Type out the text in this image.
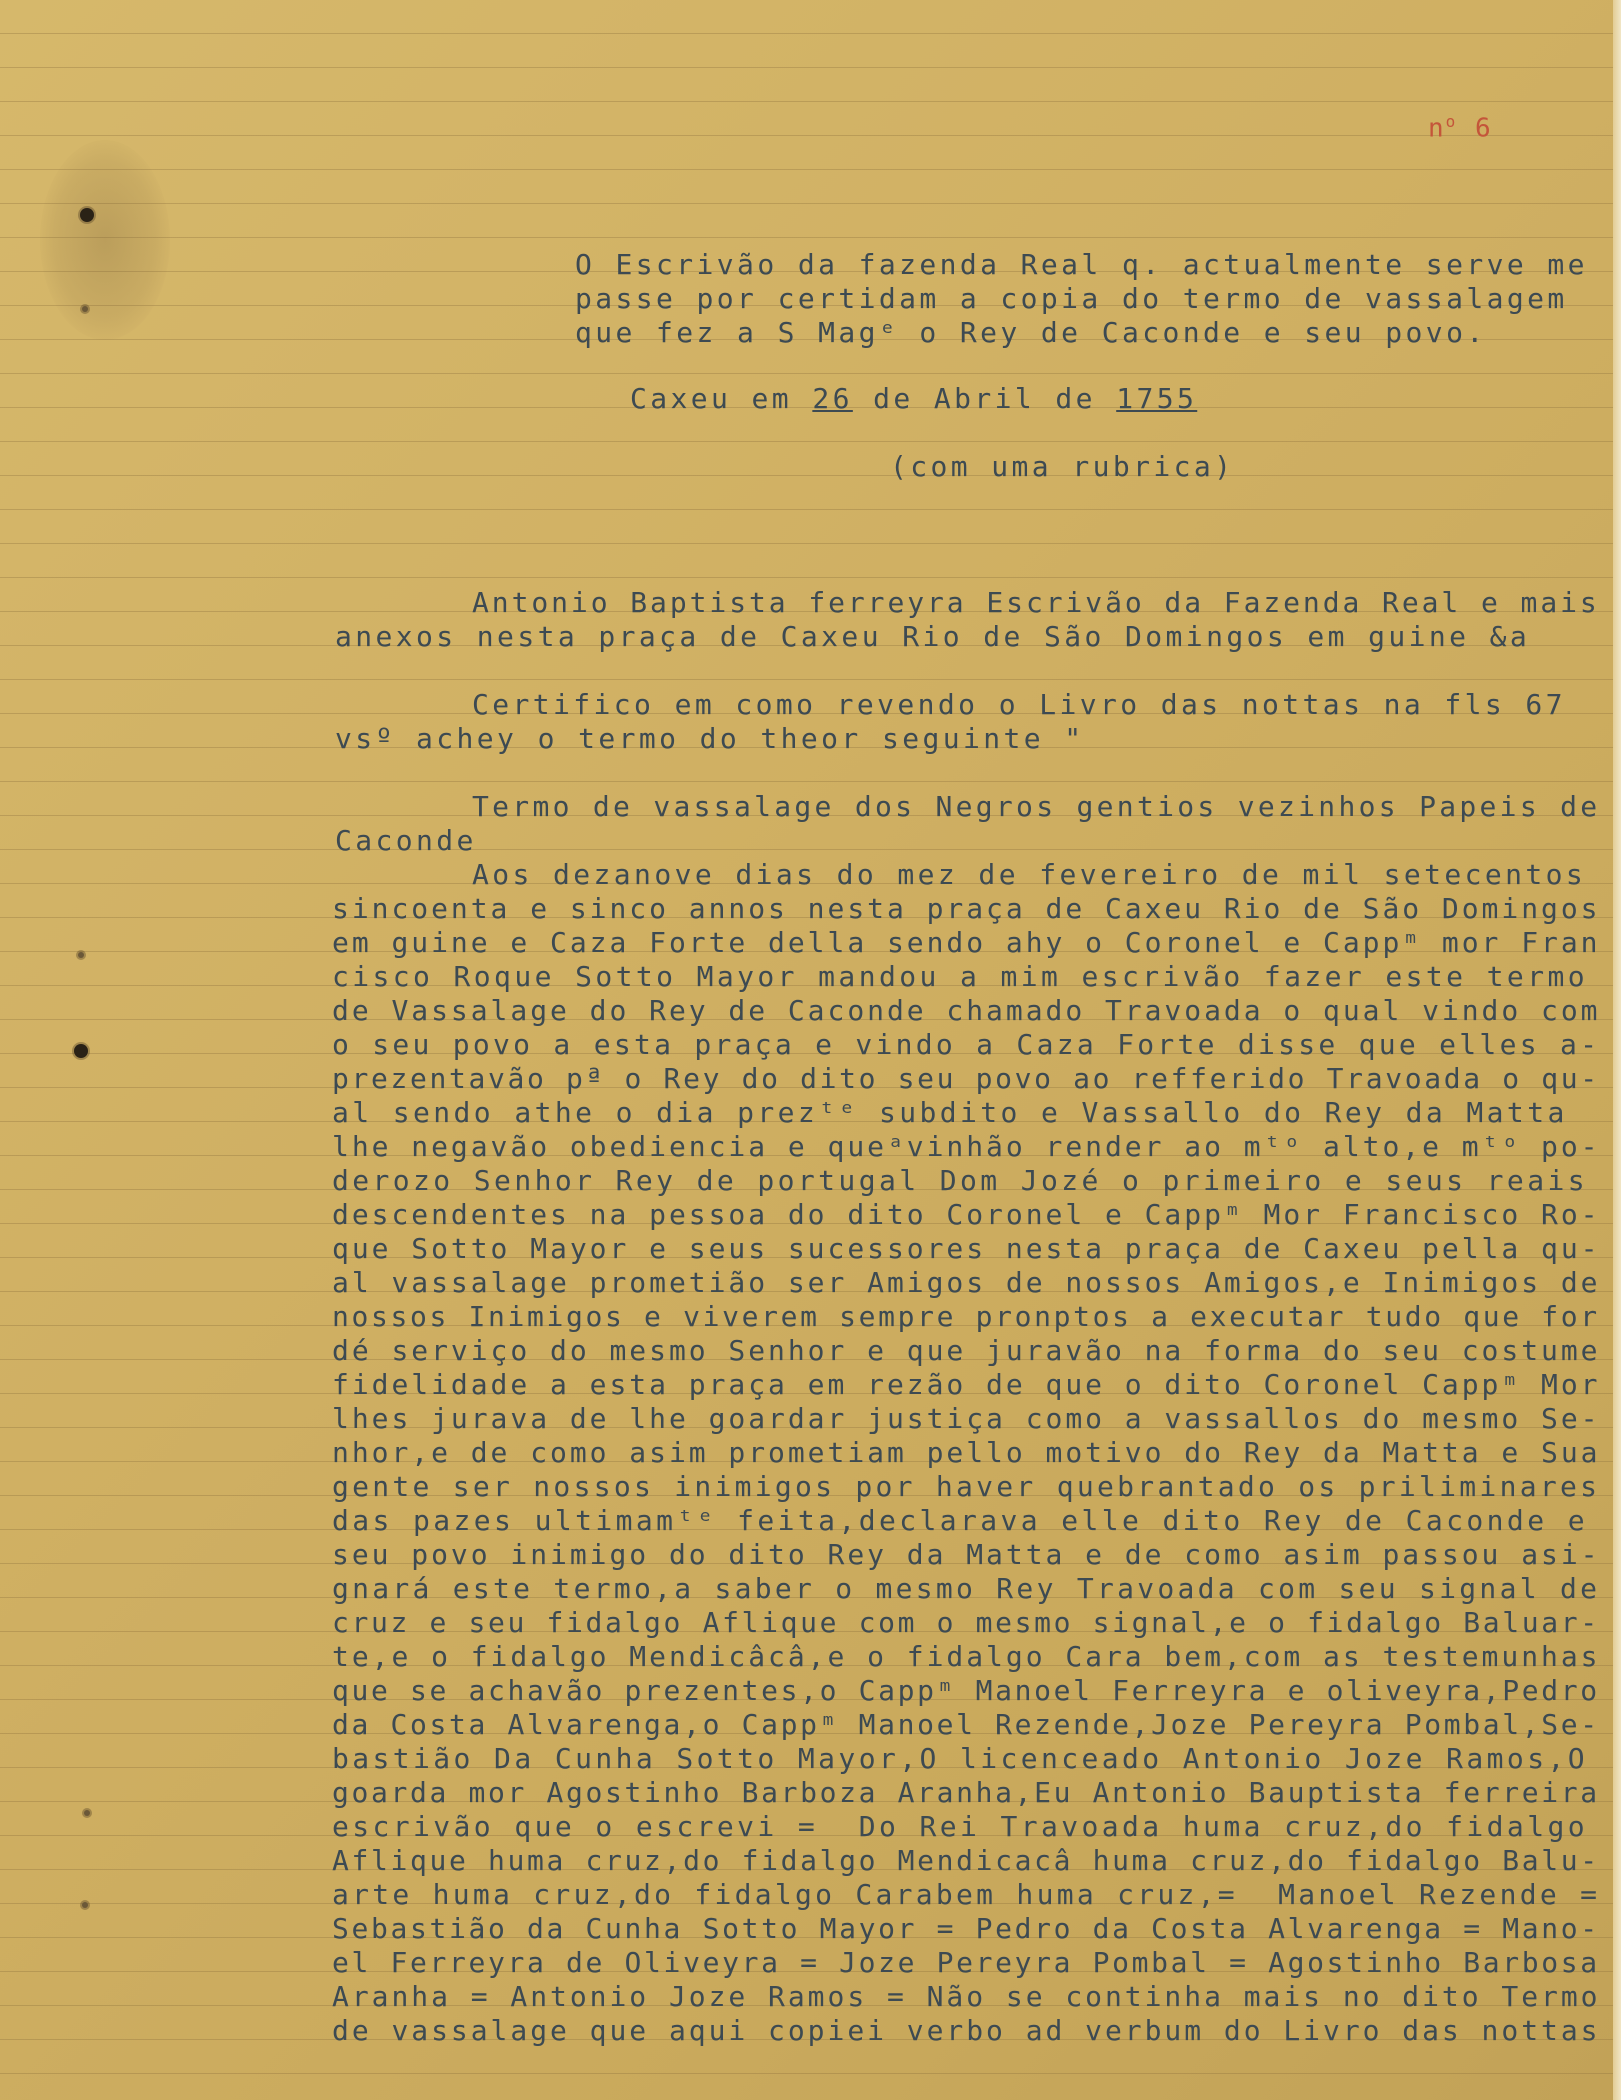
$n^o$ 6
O Escrivão da fazenda Real q. actualmente serve me
passe por certidam a copia do termo de vassalagem
que fez a S Magᵉ o Rey de Caconde e seu povo.
Caxeu em 26 de Abril de 1755
(com uma rubrica)
Antonio Baptista ferreyra Escrivão da Fazenda Real e mais
anexos nesta praça de Caxeu Rio de São Domingos em guine &a
Certifico em como revendo o Livro das nottas na fls 67
vsº achey o termo do theor seguinte "
Termo de vassalage dos Negros gentios vezinhos Papeis de
Caconde
Aos dezanove dias do mez de fevereiro de mil setecentos
sincoenta e sinco annos nesta praça de Caxeu Rio de São Domingos
em guine e Caza Forte della sendo ahy o Coronel e Cappᵐ mor Fran
cisco Roque Sotto Mayor mandou a mim escrivão fazer este termo
de Vassalage do Rey de Caconde chamado Travoada o qual vindo com
o seu povo a esta praça e vindo a Caza Forte disse que elles a-
prezentavão pª o Rey do dito seu povo ao refferido Travoada o qu-
al sendo athe o dia prezᵗᵉ subdito e Vassallo do Rey da Matta
lhe negavão obediencia e queᵃvinhão render ao mᵗᵒ alto,e mᵗᵒ po-
derozo Senhor Rey de portugal Dom Jozé o primeiro e seus reais
descendentes na pessoa do dito Coronel e Cappᵐ Mor Francisco Ro-
que Sotto Mayor e seus sucessores nesta praça de Caxeu pella qu-
al vassalage prometião ser Amigos de nossos Amigos,e Inimigos de
nossos Inimigos e viverem sempre pronptos a executar tudo que for
dé serviço do mesmo Senhor e que juravão na forma do seu costume
fidelidade a esta praça em rezão de que o dito Coronel Cappᵐ Mor
lhes jurava de lhe goardar justiça como a vassallos do mesmo Se-
nhor,e de como asim prometiam pello motivo do Rey da Matta e Sua
gente ser nossos inimigos por haver quebrantado os priliminares
das pazes ultimamᵗᵉ feita,declarava elle dito Rey de Caconde e
seu povo inimigo do dito Rey da Matta e de como asim passou asi-
gnará este termo,a saber o mesmo Rey Travoada com seu signal de
cruz e seu fidalgo Aflique com o mesmo signal,e o fidalgo Baluar-
te,e o fidalgo Mendicâcâ,e o fidalgo Cara bem,com as testemunhas
que se achavão prezentes,o Cappᵐ Manoel Ferreyra e oliveyra,Pedro
da Costa Alvarenga,o Cappᵐ Manoel Rezende,Joze Pereyra Pombal,Se-
bastião Da Cunha Sotto Mayor,O licenceado Antonio Joze Ramos,O
goarda mor Agostinho Barboza Aranha,Eu Antonio Bauptista ferreira
escrivão que o escrevi =  Do Rei Travoada huma cruz,do fidalgo
Aflique huma cruz,do fidalgo Mendicacâ huma cruz,do fidalgo Balu-
arte huma cruz,do fidalgo Carabem huma cruz,=  Manoel Rezende =
Sebastião da Cunha Sotto Mayor = Pedro da Costa Alvarenga = Mano-
el Ferreyra de Oliveyra = Joze Pereyra Pombal = Agostinho Barbosa
Aranha = Antonio Joze Ramos = Não se continha mais no dito Termo
de vassalage que aqui copiei verbo ad verbum do Livro das nottas
